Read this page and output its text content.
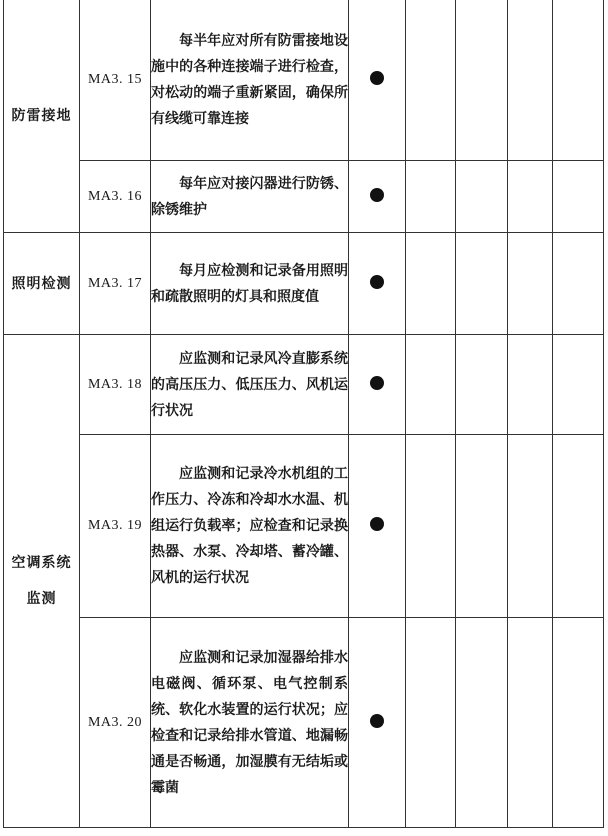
防雷接地	MA3. 15	每半年应对所有防雷接地设施中的各种连接端子进行检查，对松动的端子重新紧固，确保所有线缆可靠连接					

	MA3. 16	每年应对接闪器进行防锈、除锈维护					

照明检测	MA3. 17	每月应检测和记录备用照明和疏散照明的灯具和照度值					

空调系统监测	MA3. 18	应监测和记录风冷直膨系统的高压压力、低压压力、风机运行状况					

	MA3. 19	应监测和记录冷水机组的工作压力、冷冻和冷却水水温、机组运行负载率；应检查和记录换热器、水泵、冷却塔、蓄冷罐、风机的运行状况					

	MA3. 20	应监测和记录加湿器给排水电磁阀、循环泵、电气控制系统、软化水装置的运行状况；应检查和记录给排水管道、地漏畅通是否畅通，加湿膜有无结垢或霉菌					
